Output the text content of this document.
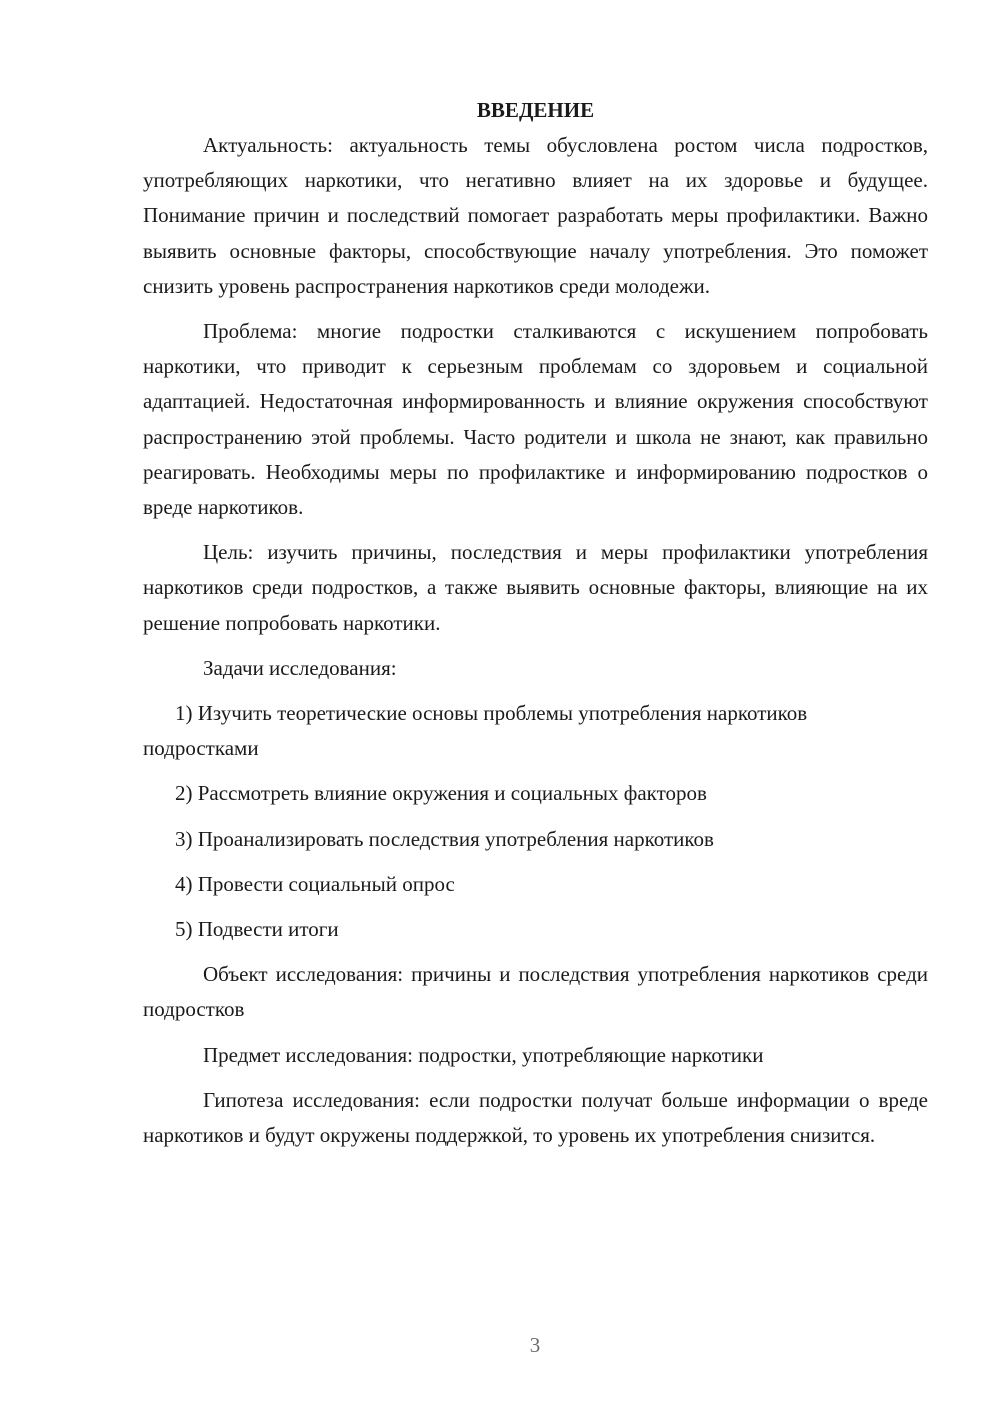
ВВЕДЕНИЕ

Актуальность: актуальность темы обусловлена ростом числа подростков, употребляющих наркотики, что негативно влияет на их здоровье и будущее. Понимание причин и последствий помогает разработать меры профилактики. Важно выявить основные факторы, способствующие началу употребления. Это поможет снизить уровень распространения наркотиков среди молодежи.

Проблема: многие подростки сталкиваются с искушением попробовать наркотики, что приводит к серьезным проблемам со здоровьем и социальной адаптацией. Недостаточная информированность и влияние окружения способствуют распространению этой проблемы. Часто родители и школа не знают, как правильно реагировать. Необходимы меры по профилактике и информированию подростков о вреде наркотиков.

Цель: изучить причины, последствия и меры профилактики употребления наркотиков среди подростков, а также выявить основные факторы, влияющие на их решение попробовать наркотики.

Задачи исследования:

1) Изучить теоретические основы проблемы употребления наркотиков подростками

2) Рассмотреть влияние окружения и социальных факторов

3) Проанализировать последствия употребления наркотиков

4) Провести социальный опрос

5) Подвести итоги

Объект исследования: причины и последствия употребления наркотиков среди подростков

Предмет исследования: подростки, употребляющие наркотики

Гипотеза исследования: если подростки получат больше информации о вреде наркотиков и будут окружены поддержкой, то уровень их употребления снизится.

3
